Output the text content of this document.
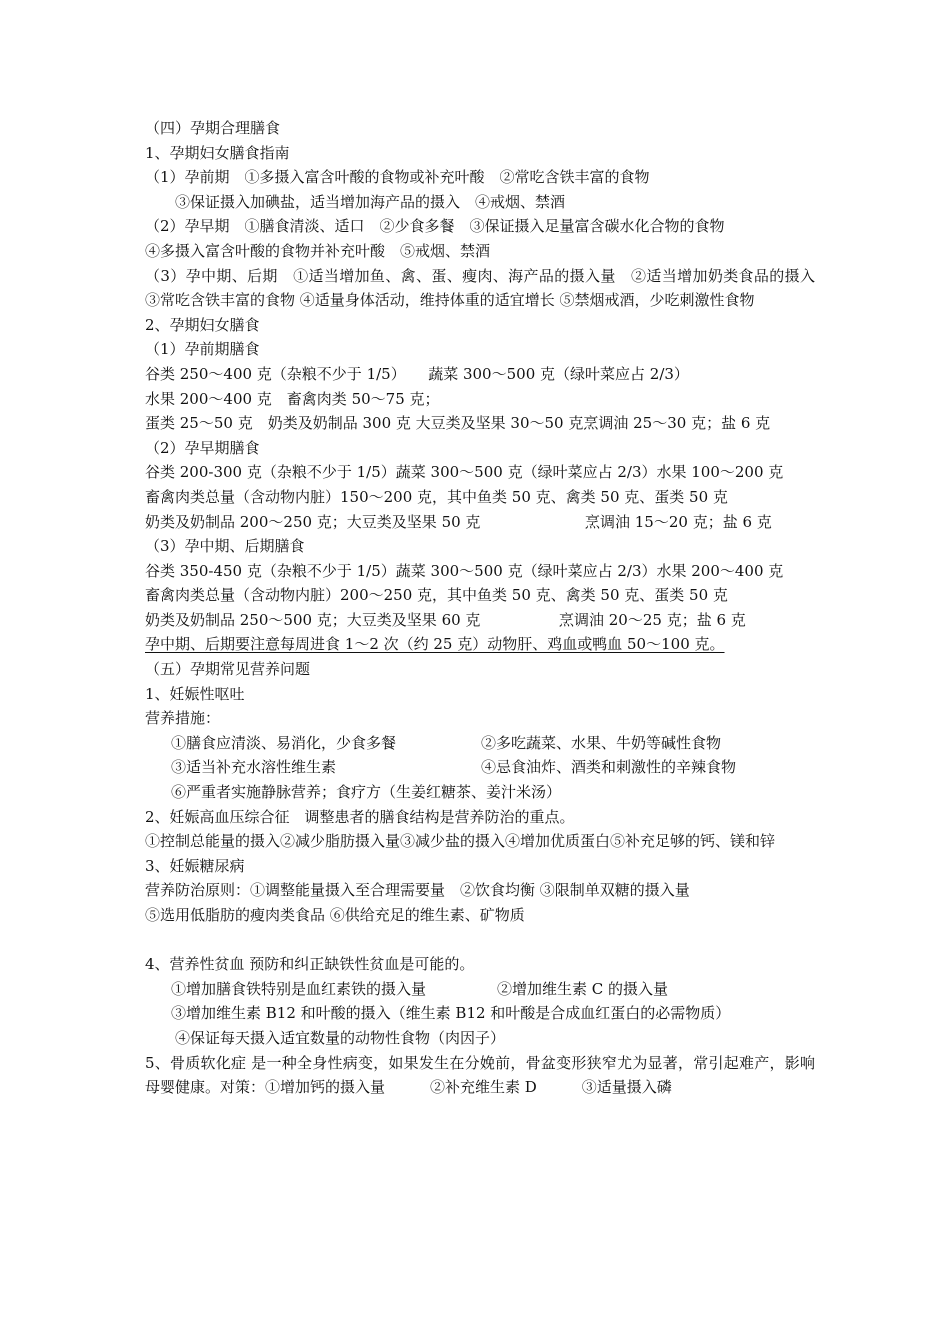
（四）孕期合理膳食
1、孕期妇女膳食指南
（1）孕前期　①多摄入富含叶酸的食物或补充叶酸　②常吃含铁丰富的食物
③保证摄入加碘盐，适当增加海产品的摄入　④戒烟、禁酒
（2）孕早期　①膳食清淡、适口　②少食多餐　③保证摄入足量富含碳水化合物的食物
④多摄入富含叶酸的食物并补充叶酸　⑤戒烟、禁酒
（3）孕中期、后期　①适当增加鱼、禽、蛋、瘦肉、海产品的摄入量　②适当增加奶类食品的摄入 ③常吃含铁丰富的食物 ④适量身体活动，维持体重的适宜增长 ⑤禁烟戒酒，少吃刺激性食物
2、孕期妇女膳食
（1）孕前期膳食
谷类 250～400 克（杂粮不少于 1/5）　　蔬菜 300～500 克（绿叶菜应占 2/3）
水果 200～400 克　畜禽肉类 50～75 克；
蛋类 25～50 克　奶类及奶制品 300 克 大豆类及坚果 30～50 克烹调油 25～30 克；盐 6 克
（2）孕早期膳食
谷类 200-300 克（杂粮不少于 1/5）蔬菜 300～500 克（绿叶菜应占 2/3）水果 100～200 克
畜禽肉类总量（含动物内脏）150～200 克，其中鱼类 50 克、禽类 50 克、蛋类 50 克
奶类及奶制品 200～250 克；大豆类及坚果 50 克	烹调油 15～20 克；盐 6 克
（3）孕中期、后期膳食
谷类 350-450 克（杂粮不少于 1/5）蔬菜 300～500 克（绿叶菜应占 2/3）水果 200～400 克
畜禽肉类总量（含动物内脏）200～250 克，其中鱼类 50 克、禽类 50 克、蛋类 50 克
奶类及奶制品 250～500 克；大豆类及坚果 60 克	烹调油 20～25 克；盐 6 克
孕中期、后期要注意每周进食 1～2 次（约 25 克）动物肝、鸡血或鸭血 50～100 克。
（五）孕期常见营养问题
1、妊娠性呕吐
营养措施：
①膳食应清淡、易消化，少食多餐	②多吃蔬菜、水果、牛奶等碱性食物
③适当补充水溶性维生素	④忌食油炸、酒类和刺激性的辛辣食物
⑥严重者实施静脉营养；食疗方（生姜红糖茶、姜汁米汤）
2、妊娠高血压综合征　调整患者的膳食结构是营养防治的重点。
①控制总能量的摄入②减少脂肪摄入量③减少盐的摄入④增加优质蛋白⑤补充足够的钙、镁和锌
3、妊娠糖尿病
营养防治原则：①调整能量摄入至合理需要量　②饮食均衡 ③限制单双糖的摄入量
⑤选用低脂肪的瘦肉类食品 ⑥供给充足的维生素、矿物质
4、营养性贫血 预防和纠正缺铁性贫血是可能的。
①增加膳食铁特别是血红素铁的摄入量	②增加维生素 C 的摄入量
③增加维生素 B12 和叶酸的摄入（维生素 B12 和叶酸是合成血红蛋白的必需物质）
④保证每天摄入适宜数量的动物性食物（肉因子）
5、骨质软化症 是一种全身性病变，如果发生在分娩前，骨盆变形狭窄尤为显著，常引起难产，影响母婴健康。对策：①增加钙的摄入量　　　②补充维生素 D　　　③适量摄入磷
